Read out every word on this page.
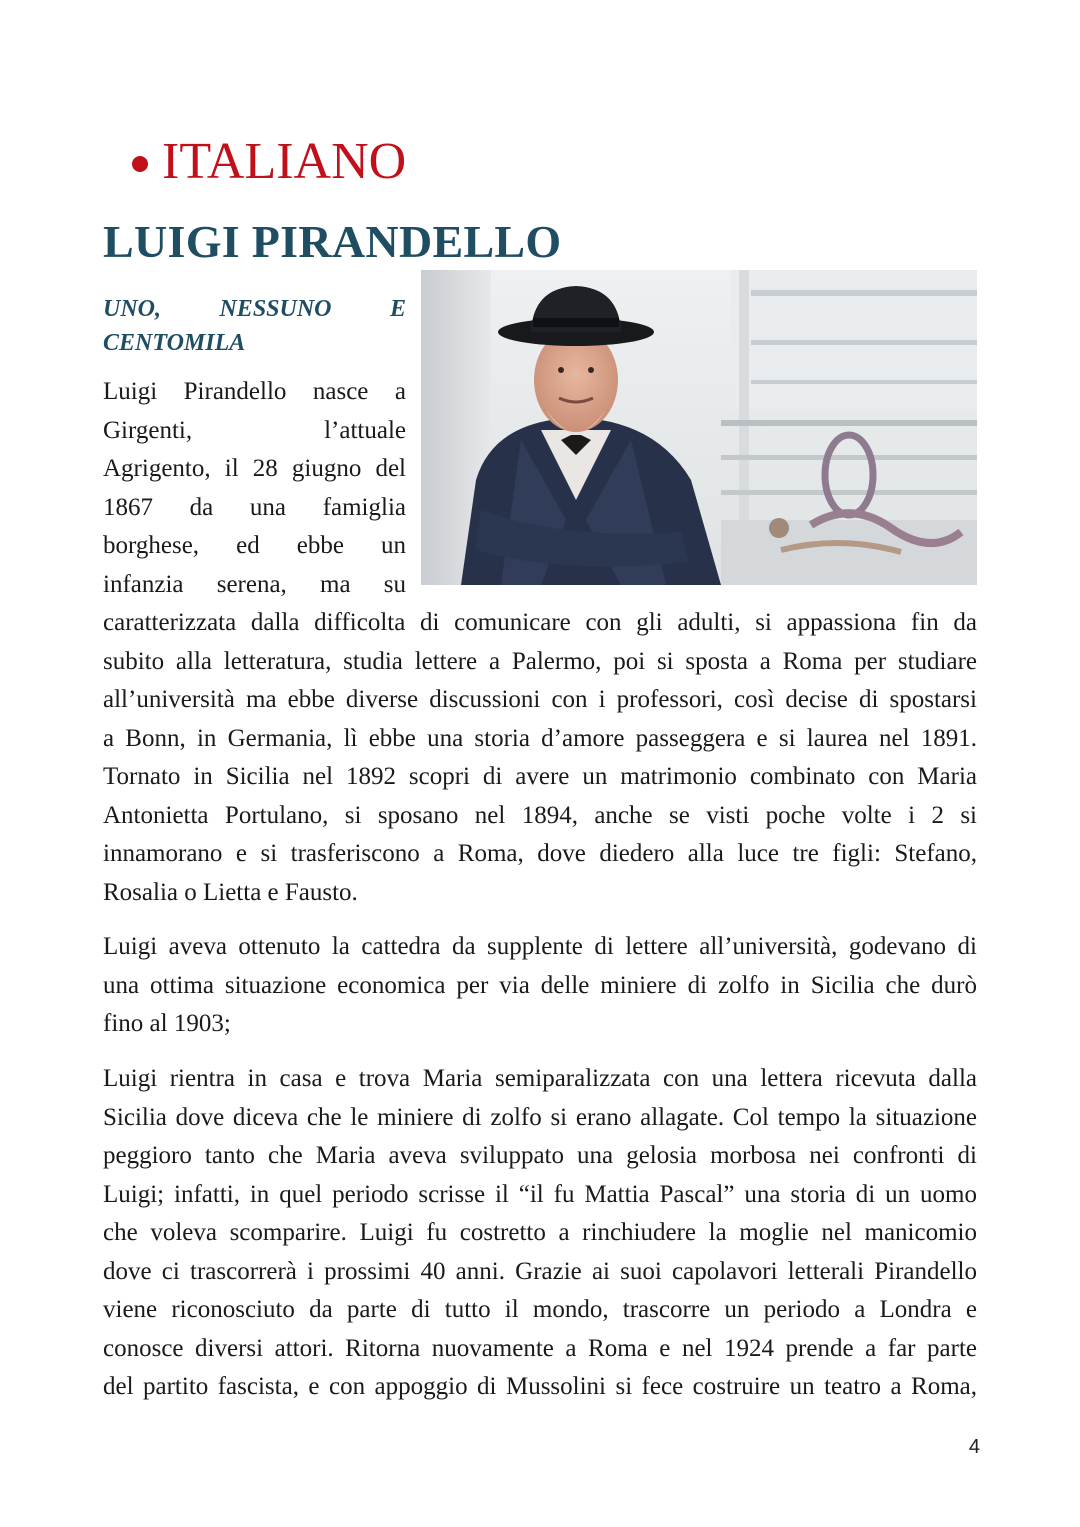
ITALIANO
LUIGI PIRANDELLO
UNO, NESSUNO E
CENTOMILA
Luigi Pirandello nasce a
Girgenti, l’attuale
Agrigento, il 28 giugno del
1867 da una famiglia
borghese, ed ebbe un
infanzia serena, ma su
caratterizzata dalla difficolta di comunicare con gli adulti, si appassiona fin da
subito alla letteratura, studia lettere a Palermo, poi si sposta a Roma per studiare
all’università ma ebbe diverse discussioni con i professori, così decise di spostarsi
a Bonn, in Germania, lì ebbe una storia d’amore passeggera e si laurea nel 1891.
Tornato in Sicilia nel 1892 scopri di avere un matrimonio combinato con Maria
Antonietta Portulano, si sposano nel 1894, anche se visti poche volte i 2 si
innamorano e si trasferiscono a Roma, dove diedero alla luce tre figli: Stefano,
Rosalia o Lietta e Fausto.
Luigi aveva ottenuto la cattedra da supplente di lettere all’università, godevano di
una ottima situazione economica per via delle miniere di zolfo in Sicilia che durò
fino al 1903;
Luigi rientra in casa e trova Maria semiparalizzata con una lettera ricevuta dalla
Sicilia dove diceva che le miniere di zolfo si erano allagate. Col tempo la situazione
peggioro tanto che Maria aveva sviluppato una gelosia morbosa nei confronti di
Luigi; infatti, in quel periodo scrisse il “il fu Mattia Pascal” una storia di un uomo
che voleva scomparire. Luigi fu costretto a rinchiudere la moglie nel manicomio
dove ci trascorrerà i prossimi 40 anni. Grazie ai suoi capolavori letterali Pirandello
viene riconosciuto da parte di tutto il mondo, trascorre un periodo a Londra e
conosce diversi attori. Ritorna nuovamente a Roma e nel 1924 prende a far parte
del partito fascista, e con appoggio di Mussolini si fece costruire un teatro a Roma,
4
